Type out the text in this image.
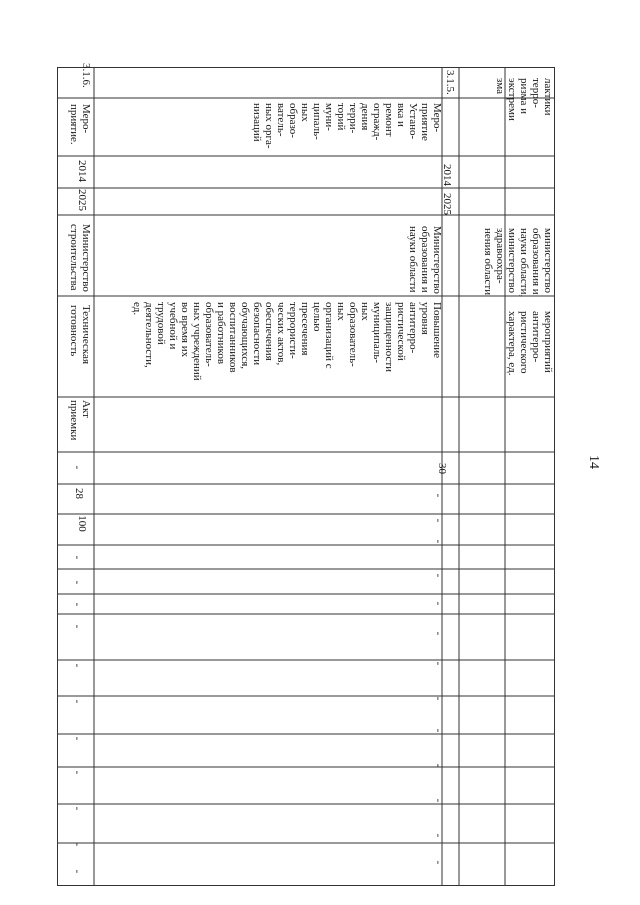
14
лактики
терро-
ризма и
экстреми
зма
министерство
образования и
науки области,
министерство
здравоохра-
нения области
мероприятий
антитерро-
ристического
характера, ед.
3.1.5.
Меро-
приятие
Устано-
вка и
ремонт
огражд-
дения
терри-
торий
муни-
ципаль-
ных
образо-
ватель-
ных орга-
низаций
2014
2025
Министерство
образования и
науки области
Повышение
уровня
антитерро-
ристической
защищенности
муниципаль-
ных
образователь-
ных
организаций с
целью
пресечения
террористи-
ческих актов,
обеспечения
безопасности
обучающихся,
воспитанников
и работников
образователь-
ных учреждений
во время их
учебной и
трудовой
деятельности,
ед.
30
-
-
-
-
-
-
-
-
-
-
-
-
-
3.1.6.
Меро-
приятие.
2014
2025
Министерство
строительства
Техническая
готовность
Акт
приемки
-
28
100
-
-
-
-
-
-
-
-
-
-
-
